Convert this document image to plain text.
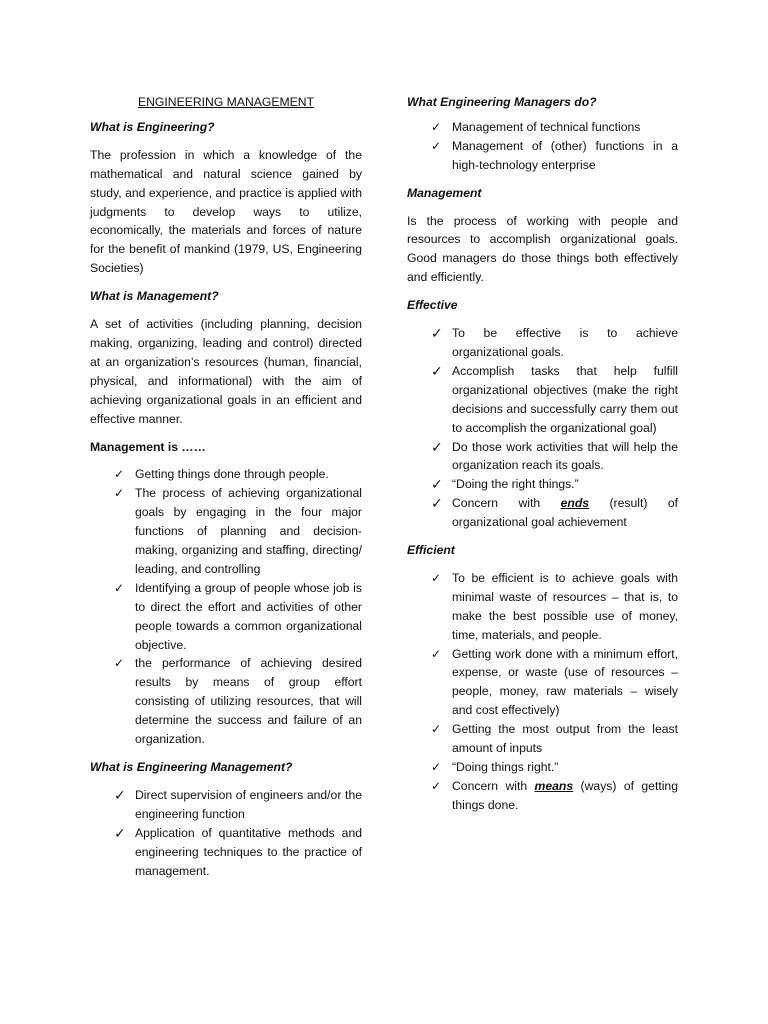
ENGINEERING MANAGEMENT
What is Engineering?
The profession in which a knowledge of the mathematical and natural science gained by study, and experience, and practice is applied with judgments to develop ways to utilize, economically, the materials and forces of nature for the benefit of mankind (1979, US, Engineering Societies)
What is Management?
A set of activities (including planning, decision making, organizing, leading and control) directed at an organization’s resources (human, financial, physical, and informational) with the aim of achieving organizational goals in an efficient and effective manner.
Management is ……
✓ Getting things done through people.
✓ The process of achieving organizational goals by engaging in the four major functions of planning and decision-making, organizing and staffing, directing/ leading, and controlling
✓ Identifying a group of people whose job is to direct the effort and activities of other people towards a common organizational objective.
✓ the performance of achieving desired results by means of group effort consisting of utilizing resources, that will determine the success and failure of an organization.
What is Engineering Management?
✓ Direct supervision of engineers and/or the engineering function
✓ Application of quantitative methods and engineering techniques to the practice of management.
What Engineering Managers do?
✓ Management of technical functions
✓ Management of (other) functions in a high-technology enterprise
Management
Is the process of working with people and resources to accomplish organizational goals. Good managers do those things both effectively and efficiently.
Effective
✓ To be effective is to achieve organizational goals.
✓ Accomplish tasks that help fulfill organizational objectives (make the right decisions and successfully carry them out to accomplish the organizational goal)
✓ Do those work activities that will help the organization reach its goals.
✓ “Doing the right things.”
✓ Concern with ends (result) of organizational goal achievement
Efficient
✓ To be efficient is to achieve goals with minimal waste of resources – that is, to make the best possible use of money, time, materials, and people.
✓ Getting work done with a minimum effort, expense, or waste (use of resources – people, money, raw materials – wisely and cost effectively)
✓ Getting the most output from the least amount of inputs
✓ “Doing things right.”
✓ Concern with means (ways) of getting things done.
